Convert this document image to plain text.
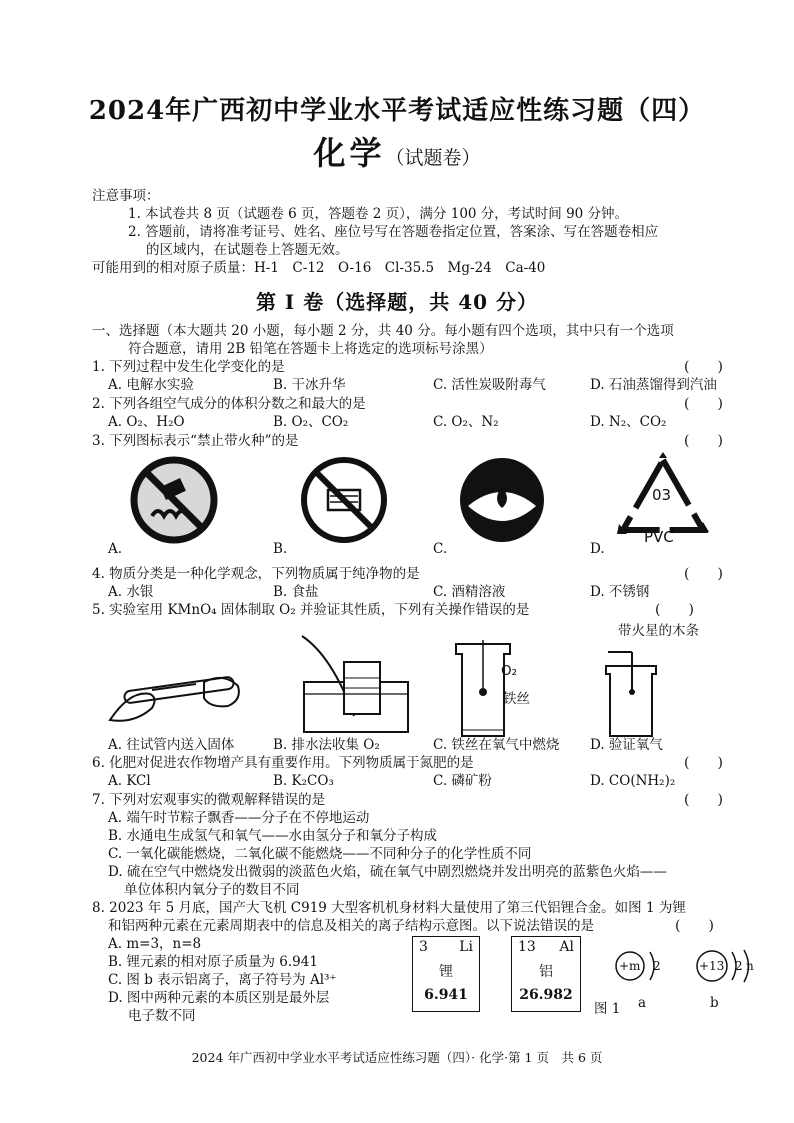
2024年广西初中学业水平考试适应性练习题（四）
化学（试题卷）
注意事项：
1. 本试卷共 8 页（试题卷 6 页，答题卷 2 页），满分 100 分，考试时间 90 分钟。
2. 答题前，请将准考证号、姓名、座位号写在答题卷指定位置，答案涂、写在答题卷相应
的区域内，在试题卷上答题无效。
可能用到的相对原子质量：H-1　C-12　O-16　Cl-35.5　Mg-24　Ca-40
第 I 卷（选择题，共 40 分）
一、选择题（本大题共 20 小题，每小题 2 分，共 40 分。每小题有四个选项，其中只有一个选项
符合题意，请用 2B 铅笔在答题卡上将选定的选项标号涂黑）
1. 下列过程中发生化学变化的是	(　　)
A. 电解水实验	B. 干冰升华	C. 活性炭吸附毒气	D. 石油蒸馏得到汽油
2. 下列各组空气成分的体积分数之和最大的是	(　　)
A. O₂、H₂O	B. O₂、CO₂	C. O₂、N₂	D. N₂、CO₂
3. 下列图标表示“禁止带火种”的是	(　　)
03
PVC
A.	B.	C.	D.
4. 物质分类是一种化学观念，下列物质属于纯净物的是	(　　)
A. 水银	B. 食盐	C. 酒精溶液	D. 不锈钢
5. 实验室用 KMnO₄ 固体制取 O₂ 并验证其性质，下列有关操作错误的是	(　　)
带火星的木条
O₂
铁丝
A. 往试管内送入固体	B. 排水法收集 O₂	C. 铁丝在氧气中燃烧 D. 验证氧气
6. 化肥对促进农作物增产具有重要作用。下列物质属于氮肥的是	(　　)
A. KCl	B. K₂CO₃	C. 磷矿粉	D. CO(NH₂)₂
7. 下列对宏观事实的微观解释错误的是	(　　)
A. 端午时节粽子飘香——分子在不停地运动
B. 水通电生成氢气和氧气——水由氢分子和氧分子构成
C. 一氧化碳能燃烧，二氧化碳不能燃烧——不同种分子的化学性质不同
D. 硫在空气中燃烧发出微弱的淡蓝色火焰，硫在氧气中剧烈燃烧并发出明亮的蓝紫色火焰——
单位体积内氧分子的数目不同
8. 2023 年 5 月底，国产大飞机 C919 大型客机机身材料大量使用了第三代铝锂合金。如图 1 为锂
和铝两种元素在元素周期表中的信息及相关的离子结构示意图。以下说法错误的是	(　　)
A. m=3，n=8
B. 锂元素的相对原子质量为 6.941
C. 图 b 表示铝离子，离子符号为 Al³⁺
D. 图中两种元素的本质区别是最外层
电子数不同
3 Li
锂
6.941
13 Al
铝
26.982
+m 2	+13 2 n
图 1 a	b
2024 年广西初中学业水平考试适应性练习题（四）· 化学·第 1 页　共 6 页
